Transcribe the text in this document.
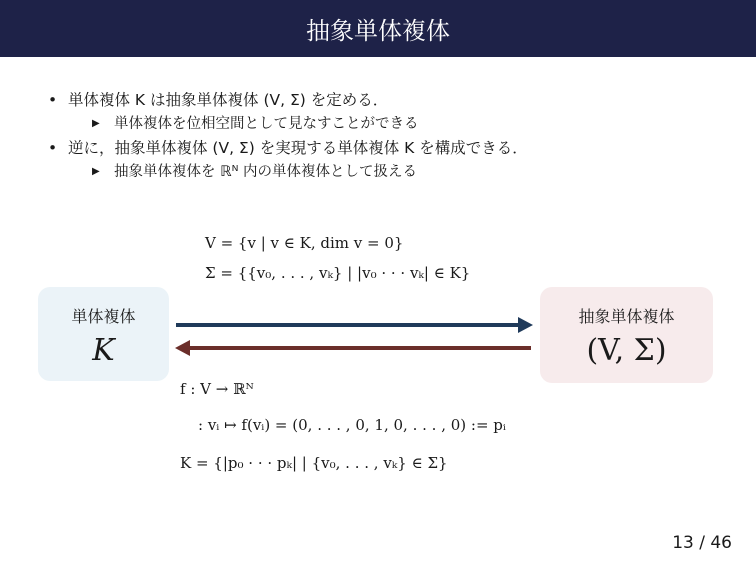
抽象単体複体
• 単体複体 K は抽象単体複体 (V, Σ) を定める．
▶ 単体複体を位相空間として見なすことができる
• 逆に，抽象単体複体 (V, Σ) を実現する単体複体 K を構成できる．
▶ 抽象単体複体を ℝᴺ 内の単体複体として扱える
V = {v | v ∈ K, dim v = 0}
Σ = {{v₀, . . . , vₖ} | |v₀ · · · vₖ| ∈ K}
単体複体
K
抽象単体複体
(V, Σ)
f : V → ℝᴺ
: vᵢ ↦ f(vᵢ) = (0, . . . , 0, 1, 0, . . . , 0) := pᵢ
K = {|p₀ · · · pₖ| | {v₀, . . . , vₖ} ∈ Σ}
13 / 46
